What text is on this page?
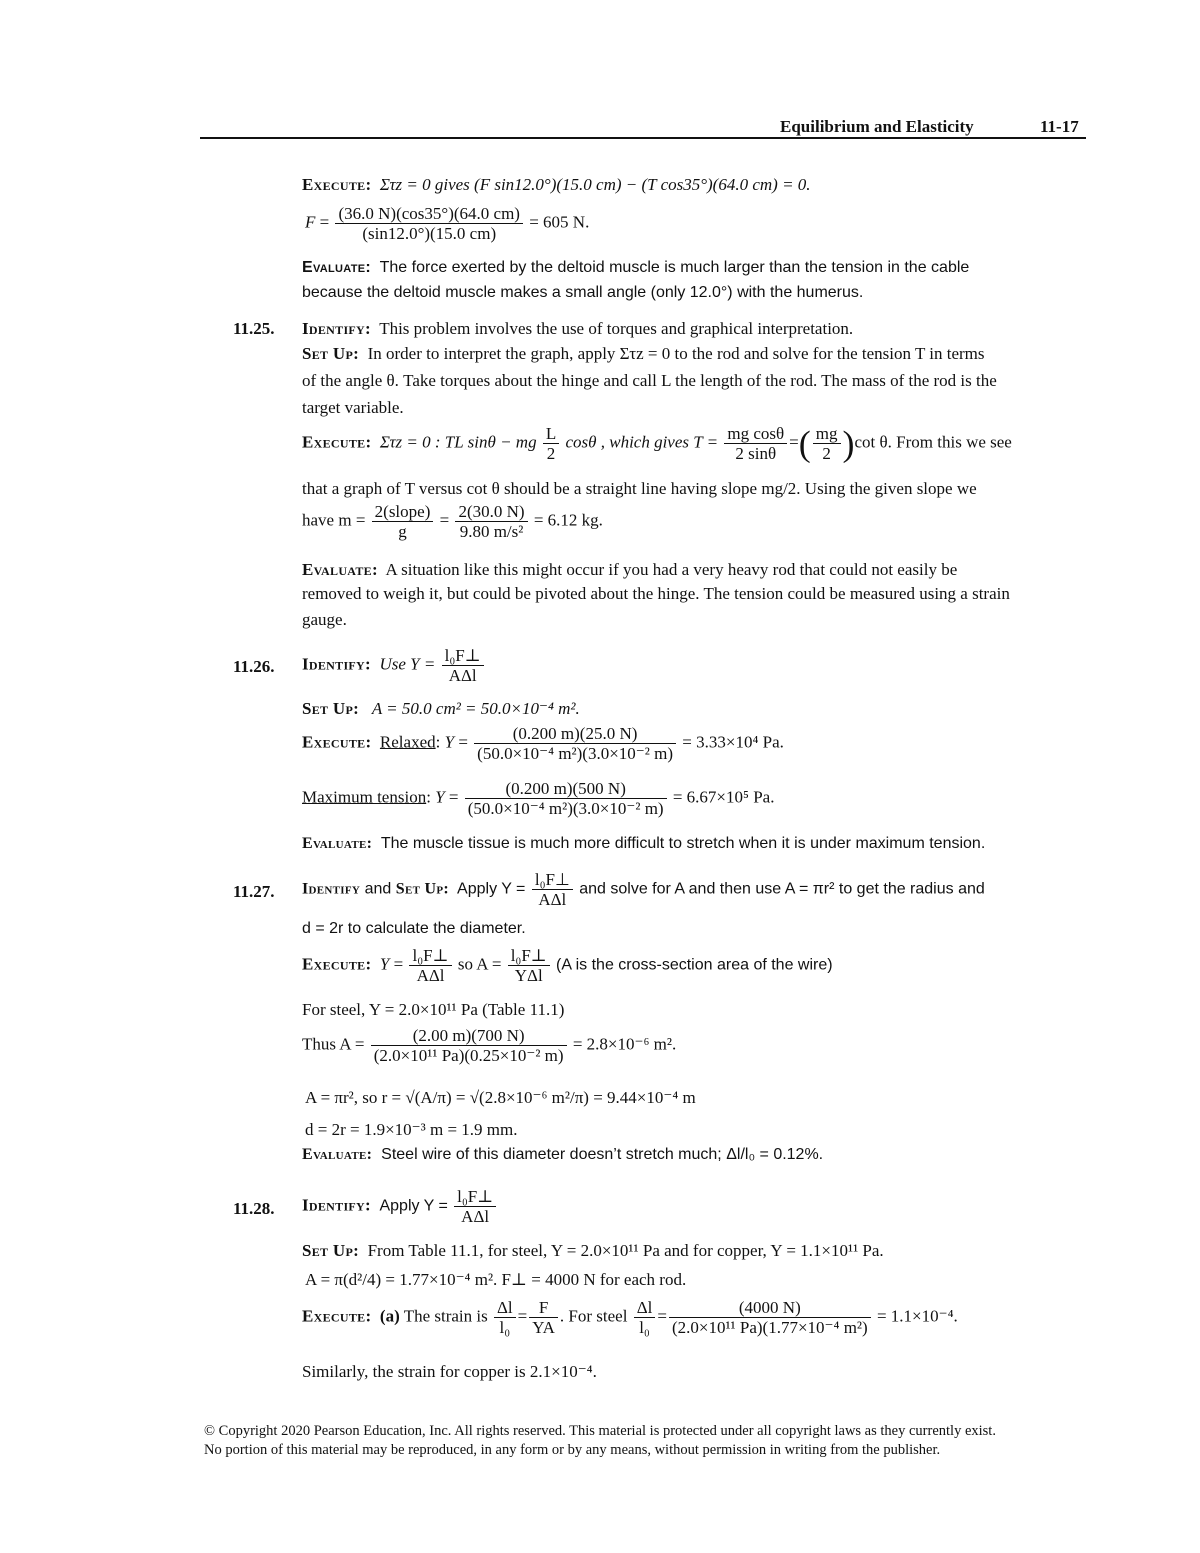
Equilibrium and Elasticity	11-17
Execute: Στz = 0 gives (F sin12.0°)(15.0 cm) − (T cos35°)(64.0 cm) = 0.
$F = \frac{(36.0 N)(\cos 35^\circ)(64.0 cm)}{(\sin 12.0^\circ)(15.0 cm)} = 605$ N.
Evaluate: The force exerted by the deltoid muscle is much larger than the tension in the cable
because the deltoid muscle makes a small angle (only 12.0°) with the humerus.
11.25. Identify: This problem involves the use of torques and graphical interpretation.
Set Up: In order to interpret the graph, apply Στz = 0 to the rod and solve for the tension T in terms
of the angle θ. Take torques about the hinge and call L the length of the rod. The mass of the rod is the
target variable.
Execute: Στz = 0 : TL sinθ − mg $\frac{L}{2}$ cosθ , which gives $T = \frac{\text{mg cosθ}}{2 \sin\theta}$ =( $\frac{mg}{2} )\cot$ θ. From this we see
that a graph of T versus cot θ should be a straight line having slope mg/2. Using the given slope we
have $m = \frac{\text{2(slope)}}{g} = \frac{2(30.0 N)}{\text{9.80 m/s²}} = 6.12$ kg.
Evaluate: A situation like this might occur if you had a very heavy rod that could not easily be
removed to weigh it, but could be pivoted about the hinge. The tension could be measured using a strain
gauge.
11.26. Identify: Use $Y = \frac{\text{l₀F⊥}}{\text{AΔl}}$
Set Up: A = 50.0 cm² = 50.0×10⁻⁴ m².
Execute: Relaxed: $Y = \frac{(0.200 m)(25.0 N)}{\text{(50.0×10⁻⁴ m²)(3.0×10⁻² m)}} = 3.33\times 10^4$ Pa.
Maximum tension: $Y = \frac{(0.200 m)(500 N)}{\text{(50.0×10⁻⁴ m²)(3.0×10⁻² m)}} = 6.67\times 10^5$ Pa.
Evaluate: The muscle tissue is much more difficult to stretch when it is under maximum tension.
11.27. Identify and Set Up: Apply $Y = \frac{\text{l₀F⊥}}{\text{AΔl}}$ and solve for A and then use A = πr² to get the radius and
d = 2r to calculate the diameter.
Execute: $Y = \frac{\text{l₀F⊥}}{\text{AΔl}}$ so $A = \frac{\text{l₀F⊥}}{\text{YΔl}} (A$ is the cross-section area of the wire)
For steel, Y = 2.0×10¹¹ Pa (Table 11.1)
Thus $A = \frac{(2.00 m)(700 N)}{\text{(2.0×10¹¹ Pa)(0.25×10⁻² m)}} = 2.8\times 10^{-6}$ m².
A = πr², so r = √(A/π) = √(2.8×10⁻⁶ m²/π) = 9.44×10⁻⁴ m
d = 2r = 1.9×10⁻³ m = 1.9 mm.
Evaluate: Steel wire of this diameter doesn’t stretch much; Δl/l₀ = 0.12%.
11.28. Identify: Apply $Y = \frac{\text{l₀F⊥}}{\text{AΔl}}$
Set Up: From Table 11.1, for steel, Y = 2.0×10¹¹ Pa and for copper, Y = 1.1×10¹¹ Pa.
A = π(d²/4) = 1.77×10⁻⁴ m². F⊥ = 4000 N for each rod.
Execute: (a) The strain is $\frac{\Delta l}{\text{l₀}} = \frac{F}{YA}$ . For steel $\frac{\Delta l}{\text{l₀}} = \frac{(4000 N)}{\text{(2.0×10¹¹ Pa)(1.77×10⁻⁴ m²)}} = 1.1\times 10^{-4}$.
Similarly, the strain for copper is 2.1×10⁻⁴.
© Copyright 2020 Pearson Education, Inc. All rights reserved. This material is protected under all copyright laws as they currently exist.
No portion of this material may be reproduced, in any form or by any means, without permission in writing from the publisher.
